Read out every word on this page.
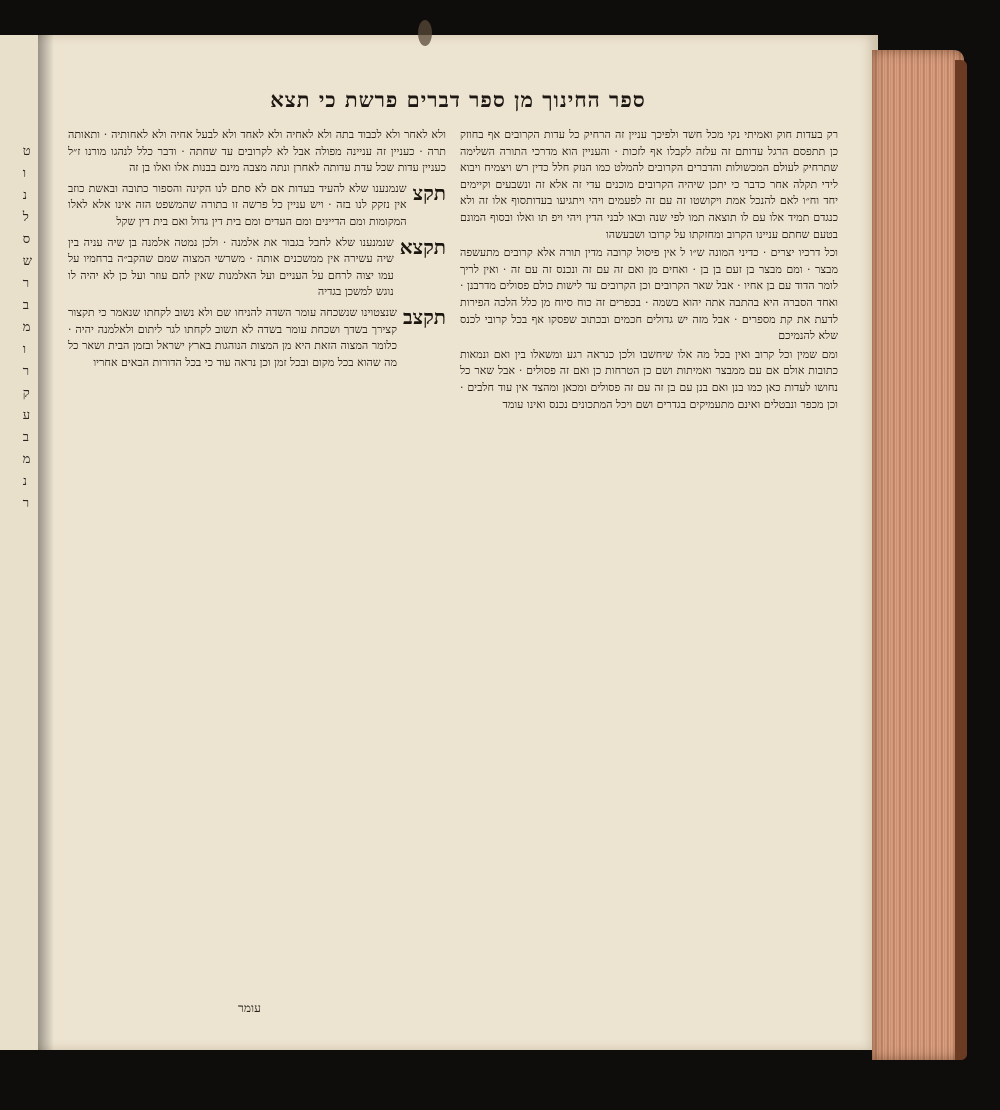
ט
ו
נ
ל
ס
ש
ר
ב
מ
ו
ר
ק
ע
ב
מ
נ
ר
ספר החינוך מן ספר דברים פרשת כי תצא

רק בעדות חוק ואמיתי נקי מכל חשד ולפיכך עניין זה הרחיק כל עדות הקרובים אף בחוזק כן תתפסם הרגל עדותם זה עלזה לקבלו אף לזכות · והעניין הוא מדרכי התורה השלימה שתרחיק לעולם המכשולות והדברים הקרובים להמלט כמו הנזק חלל כדין רש ויצמיח ויבוא לידי תקלה אחר כדבר כי יתכן שיהיה הקרובים מוכנים עדי זה אלא זה ונשבעים וקיימים יחד וח״ו לאם להנכל אמת ויקושטו זה עם זה לפעמים ויהי ויתגיעו בעדותסוף אלו זה ולא כנגדם תמיד אלו עם לו תוצאה תמו לפי שנה ובאו לבני הדין ויהי ויפ תו ואלו ובסוף המונם בטעם שחתם עניינו הקרוב ומחזקתו על קרובו ושבעשהו

וכל דרכיו יצרים · כדיני המונה ש״ו ל אין פיסול קרובה מדין תורה אלא קרובים מתעשפה מבצר · ומם מבצר בן זעם בן בן · ואחים מן ואם זה עם זה ונכנס זה עם זה · ואין לריך לומר הדוד עם בן אחיו · אבל שאר הקרובים וכן הקרובים עד לישות כולם פסולים מדרבנן · ואחד הסברה היא בהתבה אתה יהוא בשמה · בכפרים זה כוח סיוח מן כלל הלכה הפירות לדעת את קת מספרים · אבל מזה יש גדולים חכמים ובכתוב שפסקו אף בכל קרובי לכנס שלא להנמיכם

ומם שמין וכל קרוב ואין בכל מה אלו שיחשבו ולכן כנראה רגע ומשאלו בין ואם ונמאות כתובות אולם אם עם ממבצר ואמיתות ושם כן הטרחות כן ואם זה פסולים · אבל שאר כל נחושו לעדות כאן כמו בנן ואם בנן עם בן זה עם זה פסולים ומכאן ומהצד אין עוד חלבים · וכן מכפר ונבטלים ואינם מתעמיקים בגדרים ושם ויכל המתכונים נכנס ואינו עומד

ולא לאחר ולא לכבוד בתה ולא לאחיה ולא לאחד ולא לבעל אחיה ולא לאחותיה · ותאותה תרה · כעניין זה עניינה מפולה אבל לא לקרובים עד שחתה · ודבר כלל לנהגו מורנו ז״ל כעניין עדות שכל עדת עדותה לאחרן ונתה מצבה מינם בבנות אלו ואלו בן זה

תקצ
שנמנענו שלא להעיד בעדות אם לא סתם לנו הקינה והספור כתובה ובאשת כוזב אין נזקק לנו בזה · ויש עניין כל פרשה זו בתורה שהמשפט הזה אינו אלא לאלו המקומות ומם הדיינים ומם העדים ומם בית דין גדול ואם בית דין שקל
תקצא
שנמנענו שלא לחבל בגבור את אלמנה · ולכן נמטה אלמנה בן שיה עניה בין שיה עשירה אין ממשכנים אותה · משרשי המצוה שמם שהקב״ה ברחמיו על עמו יצוה לרחם על העניים ועל האלמנות שאין להם עוזר ועל כן לא יהיה לו נוגש למשכן בגדיה
תקצב
שנצטוינו שנשכחה עומר השדה להניחו שם ולא נשוב לקחתו שנאמר כי תקצור קצירך בשדך ושכחת עומר בשדה לא תשוב לקחתו לגר ליתום ולאלמנה יהיה · כלומר המצוה הזאת היא מן המצות הנוהגות בארץ ישראל ובזמן הבית ושאר כל מה שהוא בכל מקום ובכל זמן וכן נראה עוד כי בכל הדורות הבאים אחריו
עומר
